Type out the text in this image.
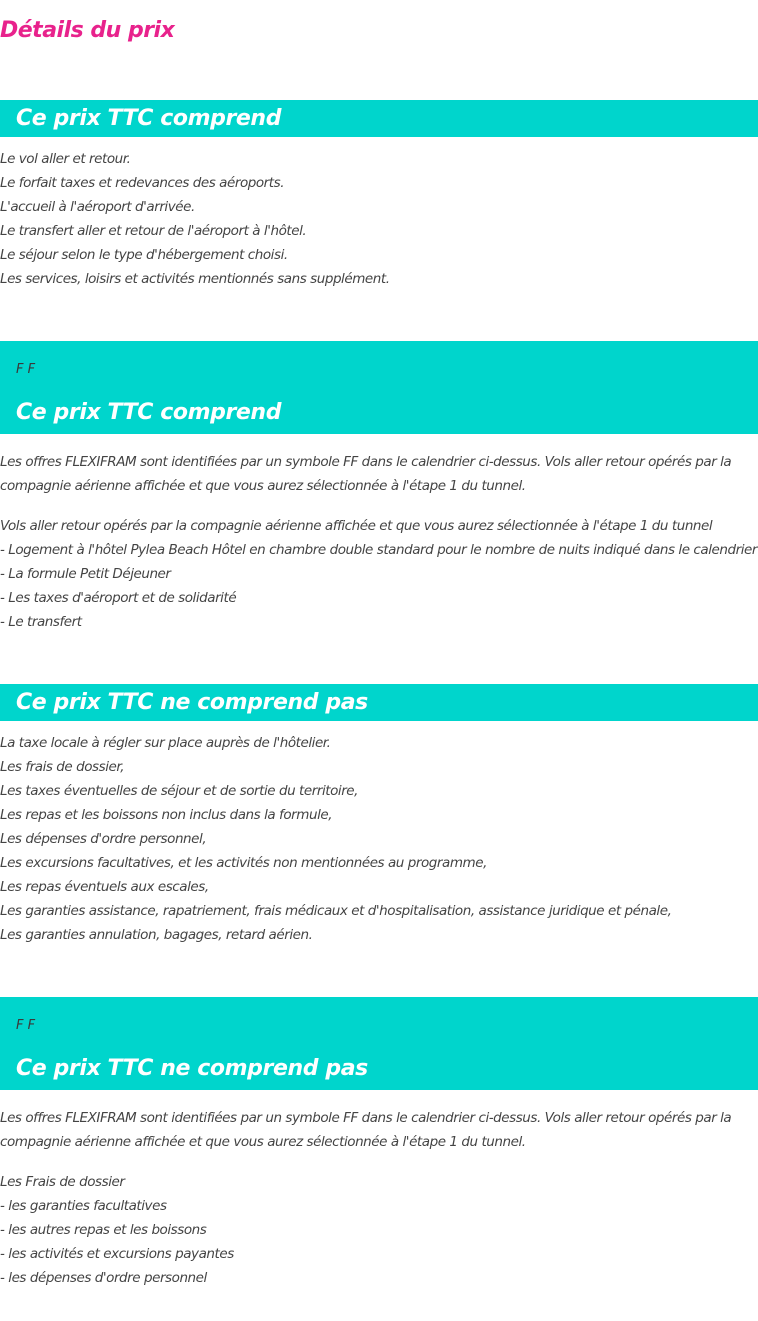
Détails du prix
Ce prix TTC comprend
Le vol aller et retour.
Le forfait taxes et redevances des aéroports.
L'accueil à l'aéroport d'arrivée.
Le transfert aller et retour de l'aéroport à l'hôtel.
Le séjour selon le type d'hébergement choisi.
Les services, loisirs et activités mentionnés sans supplément.
F F
Ce prix TTC comprend

Les offres FLEXIFRAM sont identifiées par un symbole FF dans le calendrier ci-dessus. Vols aller retour opérés par la compagnie aérienne affichée et que vous aurez sélectionnée à l'étape 1 du tunnel.

Vols aller retour opérés par la compagnie aérienne affichée et que vous aurez sélectionnée à l'étape 1 du tunnel
- Logement à l'hôtel Pylea Beach Hôtel en chambre double standard pour le nombre de nuits indiqué dans le calendrier
- La formule Petit Déjeuner
- Les taxes d'aéroport et de solidarité
- Le transfert
Ce prix TTC ne comprend pas
La taxe locale à régler sur place auprès de l'hôtelier.
Les frais de dossier,
Les taxes éventuelles de séjour et de sortie du territoire,
Les repas et les boissons non inclus dans la formule,
Les dépenses d'ordre personnel,
Les excursions facultatives, et les activités non mentionnées au programme,
Les repas éventuels aux escales,
Les garanties assistance, rapatriement, frais médicaux et d'hospitalisation, assistance juridique et pénale,
Les garanties annulation, bagages, retard aérien.
F F
Ce prix TTC ne comprend pas

Les offres FLEXIFRAM sont identifiées par un symbole FF dans le calendrier ci-dessus. Vols aller retour opérés par la compagnie aérienne affichée et que vous aurez sélectionnée à l'étape 1 du tunnel.

Les Frais de dossier
- les garanties facultatives
- les autres repas et les boissons
- les activités et excursions payantes
- les dépenses d'ordre personnel
